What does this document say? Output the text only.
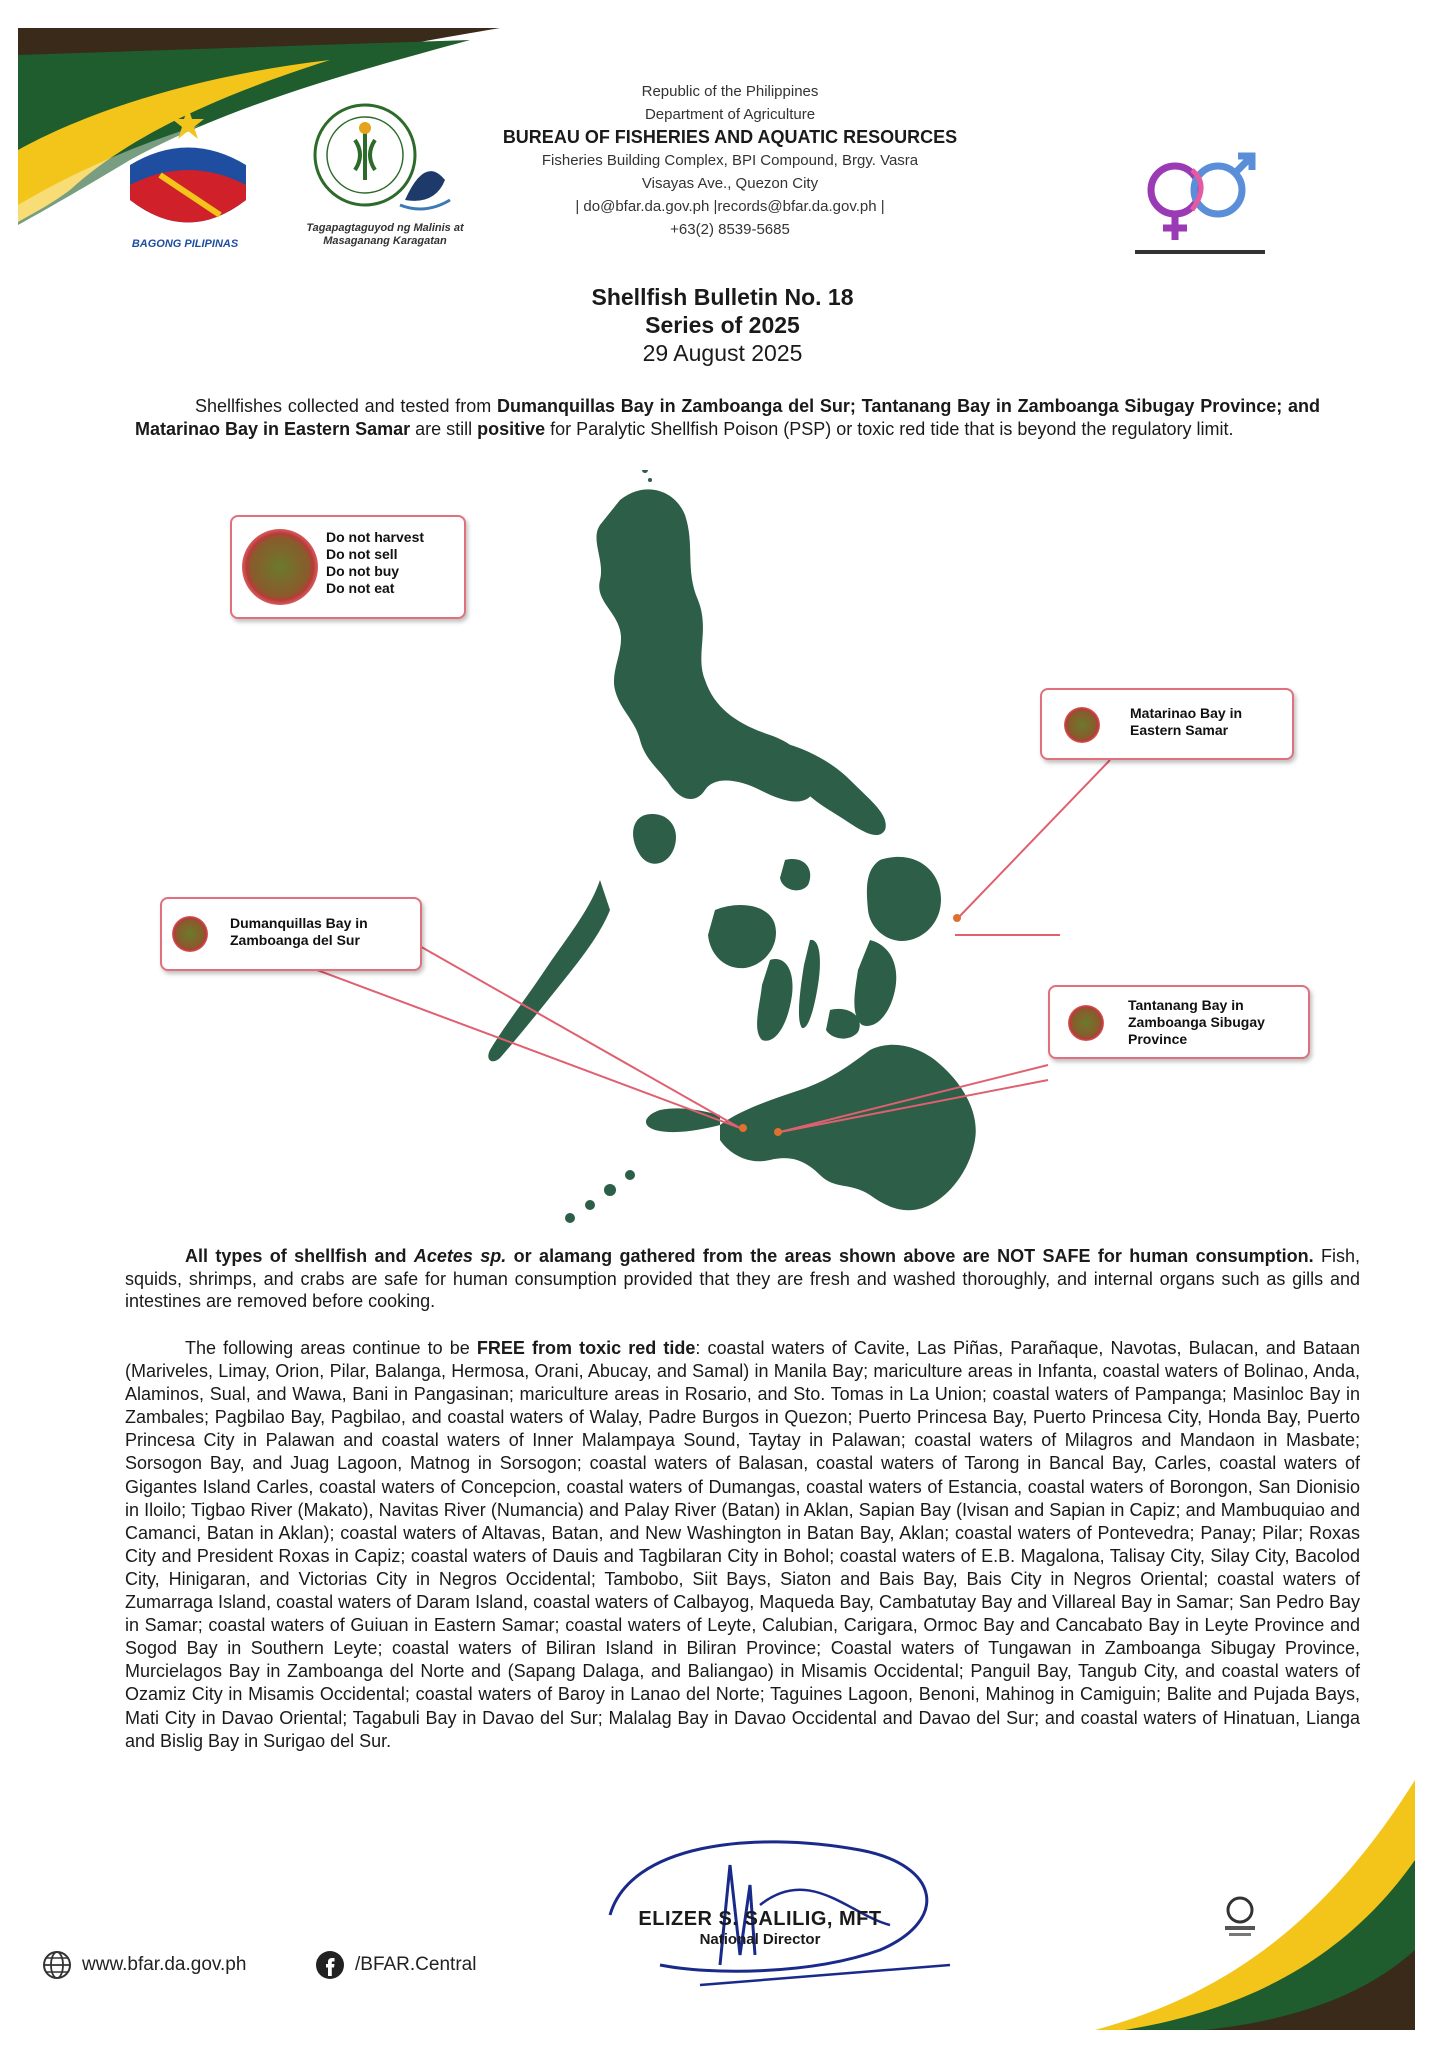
BAGONG PILIPINAS
Tagapagtaguyod ng Malinis at Masaganang Karagatan
Republic of the Philippines
Department of Agriculture
BUREAU OF FISHERIES AND AQUATIC RESOURCES
Fisheries Building Complex, BPI Compound, Brgy. Vasra
Visayas Ave., Quezon City
| do@bfar.da.gov.ph |records@bfar.da.gov.ph |
+63(2) 8539-5685
Shellfish Bulletin No. 18
Series of 2025
29 August 2025
Shellfishes collected and tested from Dumanquillas Bay in Zamboanga del Sur; Tantanang Bay in Zamboanga Sibugay Province; and Matarinao Bay in Eastern Samar are still positive for Paralytic Shellfish Poison (PSP) or toxic red tide that is beyond the regulatory limit.
Do not harvest
Do not sell
Do not buy
Do not eat
Matarinao Bay in Eastern Samar
Dumanquillas Bay in Zamboanga del Sur
Tantanang Bay in Zamboanga Sibugay Province
All types of shellfish and Acetes sp. or alamang gathered from the areas shown above are NOT SAFE for human consumption. Fish, squids, shrimps, and crabs are safe for human consumption provided that they are fresh and washed thoroughly, and internal organs such as gills and intestines are removed before cooking.
The following areas continue to be FREE from toxic red tide: coastal waters of Cavite, Las Piñas, Parañaque, Navotas, Bulacan, and Bataan (Mariveles, Limay, Orion, Pilar, Balanga, Hermosa, Orani, Abucay, and Samal) in Manila Bay; mariculture areas in Infanta, coastal waters of Bolinao, Anda, Alaminos, Sual, and Wawa, Bani in Pangasinan; mariculture areas in Rosario, and Sto. Tomas in La Union; coastal waters of Pampanga; Masinloc Bay in Zambales; Pagbilao Bay, Pagbilao, and coastal waters of Walay, Padre Burgos in Quezon; Puerto Princesa Bay, Puerto Princesa City, Honda Bay, Puerto Princesa City in Palawan and coastal waters of Inner Malampaya Sound, Taytay in Palawan; coastal waters of Milagros and Mandaon in Masbate; Sorsogon Bay, and Juag Lagoon, Matnog in Sorsogon; coastal waters of Balasan, coastal waters of Tarong in Bancal Bay, Carles, coastal waters of Gigantes Island Carles, coastal waters of Concepcion, coastal waters of Dumangas, coastal waters of Estancia, coastal waters of Borongon, San Dionisio in Iloilo; Tigbao River (Makato), Navitas River (Numancia) and Palay River (Batan) in Aklan, Sapian Bay (Ivisan and Sapian in Capiz; and Mambuquiao and Camanci, Batan in Aklan); coastal waters of Altavas, Batan, and New Washington in Batan Bay, Aklan; coastal waters of Pontevedra; Panay; Pilar; Roxas City and President Roxas in Capiz; coastal waters of Dauis and Tagbilaran City in Bohol; coastal waters of E.B. Magalona, Talisay City, Silay City, Bacolod City, Hinigaran, and Victorias City in Negros Occidental; Tambobo, Siit Bays, Siaton and Bais Bay, Bais City in Negros Oriental; coastal waters of Zumarraga Island, coastal waters of Daram Island, coastal waters of Calbayog, Maqueda Bay, Cambatutay Bay and Villareal Bay in Samar; San Pedro Bay in Samar; coastal waters of Guiuan in Eastern Samar; coastal waters of Leyte, Calubian, Carigara, Ormoc Bay and Cancabato Bay in Leyte Province and Sogod Bay in Southern Leyte; coastal waters of Biliran Island in Biliran Province; Coastal waters of Tungawan in Zamboanga Sibugay Province, Murcielagos Bay in Zamboanga del Norte and (Sapang Dalaga, and Baliangao) in Misamis Occidental; Panguil Bay, Tangub City, and coastal waters of Ozamiz City in Misamis Occidental; coastal waters of Baroy in Lanao del Norte; Taguines Lagoon, Benoni, Mahinog in Camiguin; Balite and Pujada Bays, Mati City in Davao Oriental; Tagabuli Bay in Davao del Sur; Malalag Bay in Davao Occidental and Davao del Sur; and coastal waters of Hinatuan, Lianga and Bislig Bay in Surigao del Sur.
ELIZER S. SALILIG, MFT
National Director
www.bfar.da.gov.ph	/BFAR.Central
